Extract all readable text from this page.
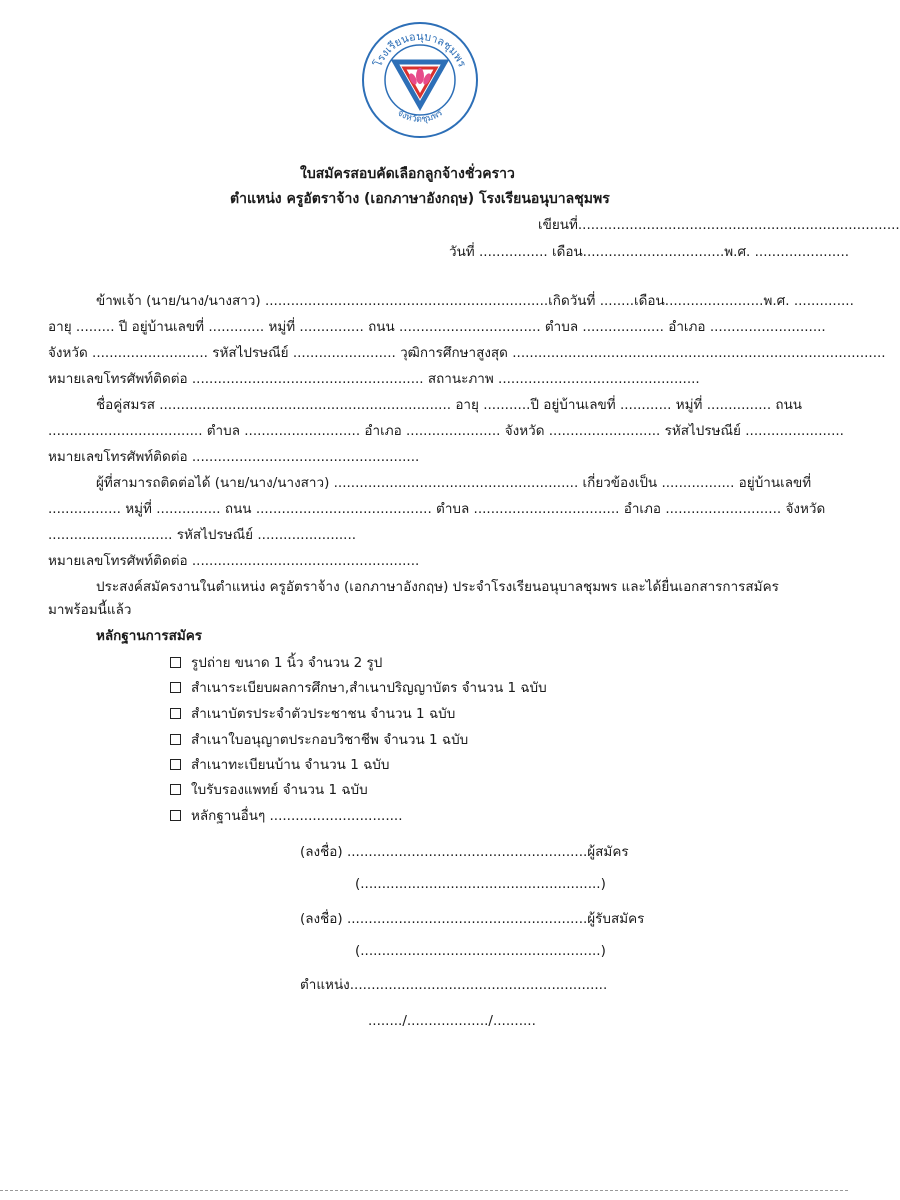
โรงเรียนอนุบาลชุมพร
จังหวัดชุมพร
ใบสมัครสอบคัดเลือกลูกจ้างชั่วคราว
ตำแหน่ง ครูอัตราจ้าง (เอกภาษาอังกฤษ) โรงเรียนอนุบาลชุมพร
เขียนที่...........................................................................
วันที่ ................ เดือน.................................พ.ศ. ......................
ข้าพเจ้า (นาย/นาง/นางสาว) ..................................................................เกิดวันที่ ........เดือน.......................พ.ศ. ..............
อายุ ......... ปี อยู่บ้านเลขที่ ............. หมู่ที่ ............... ถนน ................................. ตำบล ................... อำเภอ ...........................
จังหวัด ........................... รหัสไปรษณีย์ ........................ วุฒิการศึกษาสูงสุด .......................................................................................
หมายเลขโทรศัพท์ติดต่อ ...................................................... สถานะภาพ ...............................................
ชื่อคู่สมรส .................................................................... อายุ ...........ปี อยู่บ้านเลขที่ ............ หมู่ที่ ............... ถนน
.................................... ตำบล ........................... อำเภอ ...................... จังหวัด .......................... รหัสไปรษณีย์ .......................
หมายเลขโทรศัพท์ติดต่อ .....................................................
ผู้ที่สามารถติดต่อได้ (นาย/นาง/นางสาว) ......................................................... เกี่ยวข้องเป็น ................. อยู่บ้านเลขที่
................. หมู่ที่ ............... ถนน ......................................... ตำบล .................................. อำเภอ ........................... จังหวัด
............................. รหัสไปรษณีย์ .......................
หมายเลขโทรศัพท์ติดต่อ .....................................................
ประสงค์สมัครงานในตำแหน่ง ครูอัตราจ้าง (เอกภาษาอังกฤษ) ประจำโรงเรียนอนุบาลชุมพร และได้ยื่นเอกสารการสมัคร
มาพร้อมนี้แล้ว
หลักฐานการสมัคร
รูปถ่าย ขนาด 1 นิ้ว จำนวน 2 รูป
สำเนาระเบียบผลการศึกษา,สำเนาปริญญาบัตร จำนวน 1 ฉบับ
สำเนาบัตรประจำตัวประชาชน จำนวน 1 ฉบับ
สำเนาใบอนุญาตประกอบวิชาชีพ จำนวน 1 ฉบับ
สำเนาทะเบียนบ้าน จำนวน 1 ฉบับ
ใบรับรองแพทย์ จำนวน 1 ฉบับ
หลักฐานอื่นๆ ...............................
(ลงชื่อ) ........................................................ผู้สมัคร
(........................................................)
(ลงชื่อ) ........................................................ผู้รับสมัคร
(........................................................)
ตำแหน่ง............................................................
......../.................../..........
